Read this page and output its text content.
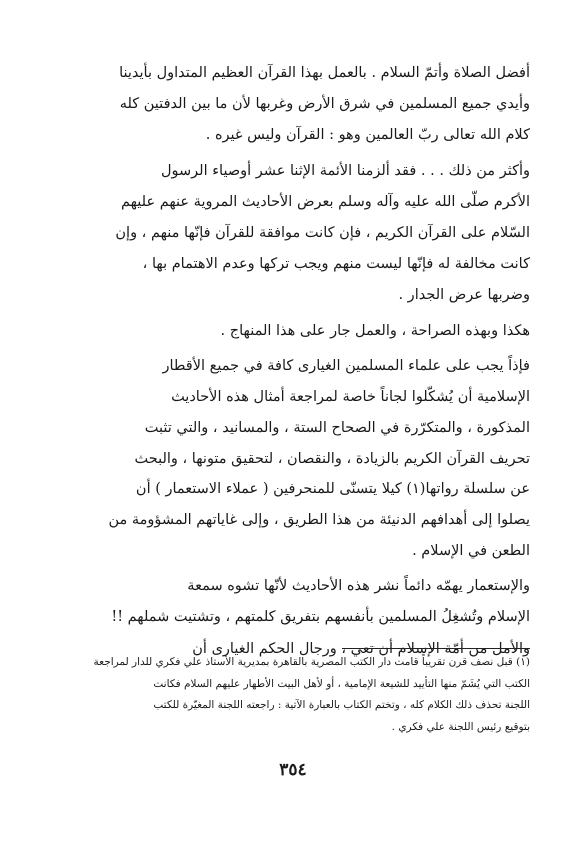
أفضل الصلاة وأتمّ السلام . بالعمل بهذا القرآن العظيم المتداول بأيدينا
وأيدي جميع المسلمين في شرق الأرض وغربها لأن ما بين الدفتين كله
كلام الله تعالى ربّ العالمين وهو : القرآن وليس غيره .

وأكثر من ذلك . . . فقد ألزمنا الأئمة الإثنا عشر أوصياء الرسول
الأكرم صلّى الله عليه وآله وسلم بعرض الأحاديث المروية عنهم عليهم
السّلام على القرآن الكريم ، فإن كانت موافقة للقرآن فإنّها منهم ، وإن
كانت مخالفة له فإنّها ليست منهم ويجب تركها وعدم الاهتمام بها ،
وضربها عرض الجدار .

هكذا وبهذه الصراحة ، والعمل جار على هذا المنهاج .

فإذاً يجب على علماء المسلمين الغيارى كافة في جميع الأقطار
الإسلامية أن يُشكّلوا لجاناً خاصة لمراجعة أمثال هذه الأحاديث
المذكورة ، والمتكرّرة في الصحاح الستة ، والمسانيد ، والتي تثبت
تحريف القرآن الكريم بالزيادة ، والنقصان ، لتحقيق متونها ، والبحث
عن سلسلة رواتها(١) كيلا يتسنّى للمنحرفين ( عملاء الاستعمار ) أن
يصلوا إلى أهدافهم الدنيئة من هذا الطريق ، وإلى غاياتهم المشؤومة من
الطعن في الإسلام .

والإستعمار يهمّه دائماً نشر هذه الأحاديث لأنّها تشوه سمعة
الإسلام وتُشغِلُ المسلمين بأنفسهم بتفريق كلمتهم ، وتشتيت شملهم !!

والأمل من أمّة الإسلام أن تعي ، ورجال الحكم الغيارى أن

(١) قبل نصف قرن تقريباً قامت دار الكتب المصرية بالقاهرة بمديرية الأستاذ علي فكري للدار لمراجعة
الكتب التي يُشَمّ منها التأييد للشيعة الإمامية ، أو لأهل البيت الأطهار عليهم السلام فكانت
اللجنة تحذف ذلك الكلام كله ، وتختم الكتاب بالعبارة الآتية : راجعته اللجنة المغيّرة للكتب
بتوقيع رئيس اللجنة علي فكري .
٣٥٤
